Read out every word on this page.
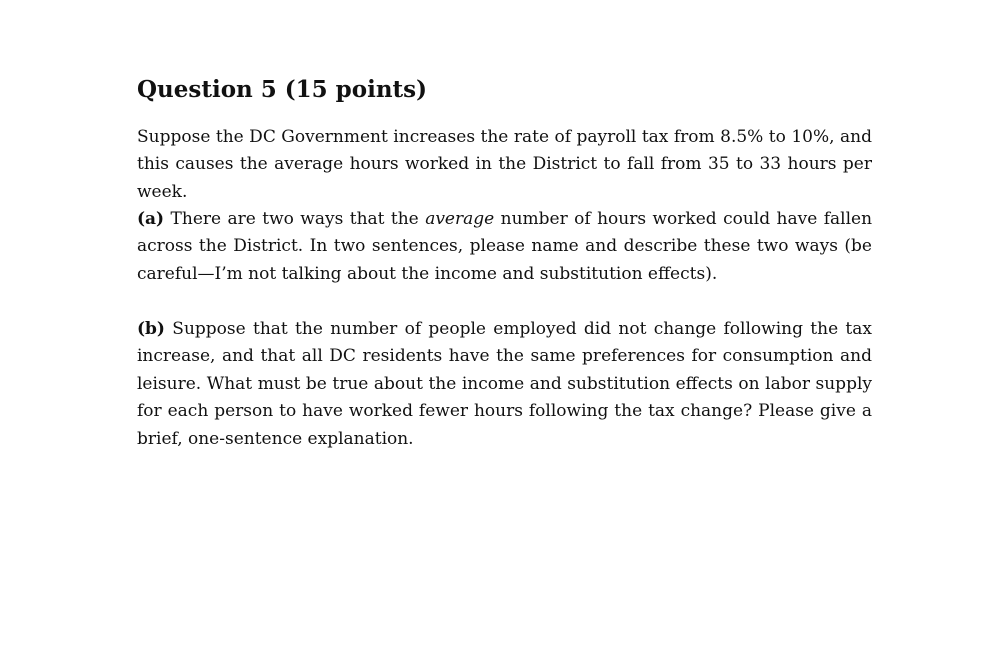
Question 5 (15 points)

Suppose the DC Government increases the rate of payroll tax from 8.5% to 10%, and this causes the average hours worked in the District to fall from 35 to 33 hours per week.

(a) There are two ways that the average number of hours worked could have fallen across the District. In two sentences, please name and describe these two ways (be careful—I’m not talking about the income and substitution effects).

(b) Suppose that the number of people employed did not change following the tax increase, and that all DC residents have the same preferences for consumption and leisure. What must be true about the income and substitution effects on labor supply for each person to have worked fewer hours following the tax change? Please give a brief, one-sentence explanation.
